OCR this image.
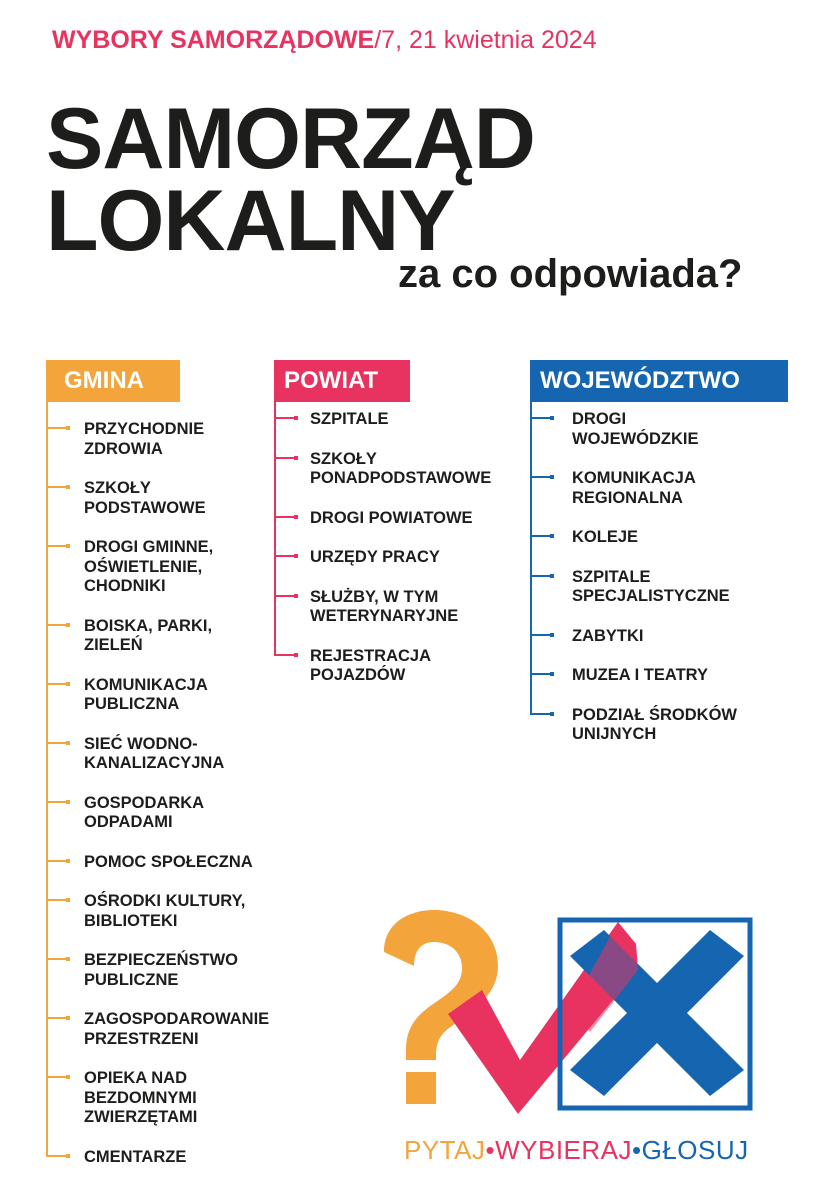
WYBORY SAMORZĄDOWE/7, 21 kwietnia 2024
SAMORZĄD
LOKALNY
za co odpowiada?
GMINA
PRZYCHODNIE
ZDROWIA
SZKOŁY
PODSTAWOWE
DROGI GMINNE,
OŚWIETLENIE,
CHODNIKI
BOISKA, PARKI,
ZIELEŃ
KOMUNIKACJA
PUBLICZNA
SIEĆ WODNO-
KANALIZACYJNA
GOSPODARKA
ODPADAMI
POMOC SPOŁECZNA
OŚRODKI KULTURY,
BIBLIOTEKI
BEZPIECZEŃSTWO
PUBLICZNE
ZAGOSPODAROWANIE
PRZESTRZENI
OPIEKA NAD
BEZDOMNYMI
ZWIERZĘTAMI
CMENTARZE
POWIAT
SZPITALE
SZKOŁY
PONADPODSTAWOWE
DROGI POWIATOWE
URZĘDY PRACY
SŁUŻBY, W TYM
WETERYNARYJNE
REJESTRACJA
POJAZDÓW
WOJEWÓDZTWO
DROGI
WOJEWÓDZKIE
KOMUNIKACJA
REGIONALNA
KOLEJE
SZPITALE
SPECJALISTYCZNE
ZABYTKI
MUZEA I TEATRY
PODZIAŁ ŚRODKÓW
UNIJNYCH
PYTAJ•WYBIERAJ•GŁOSUJ
